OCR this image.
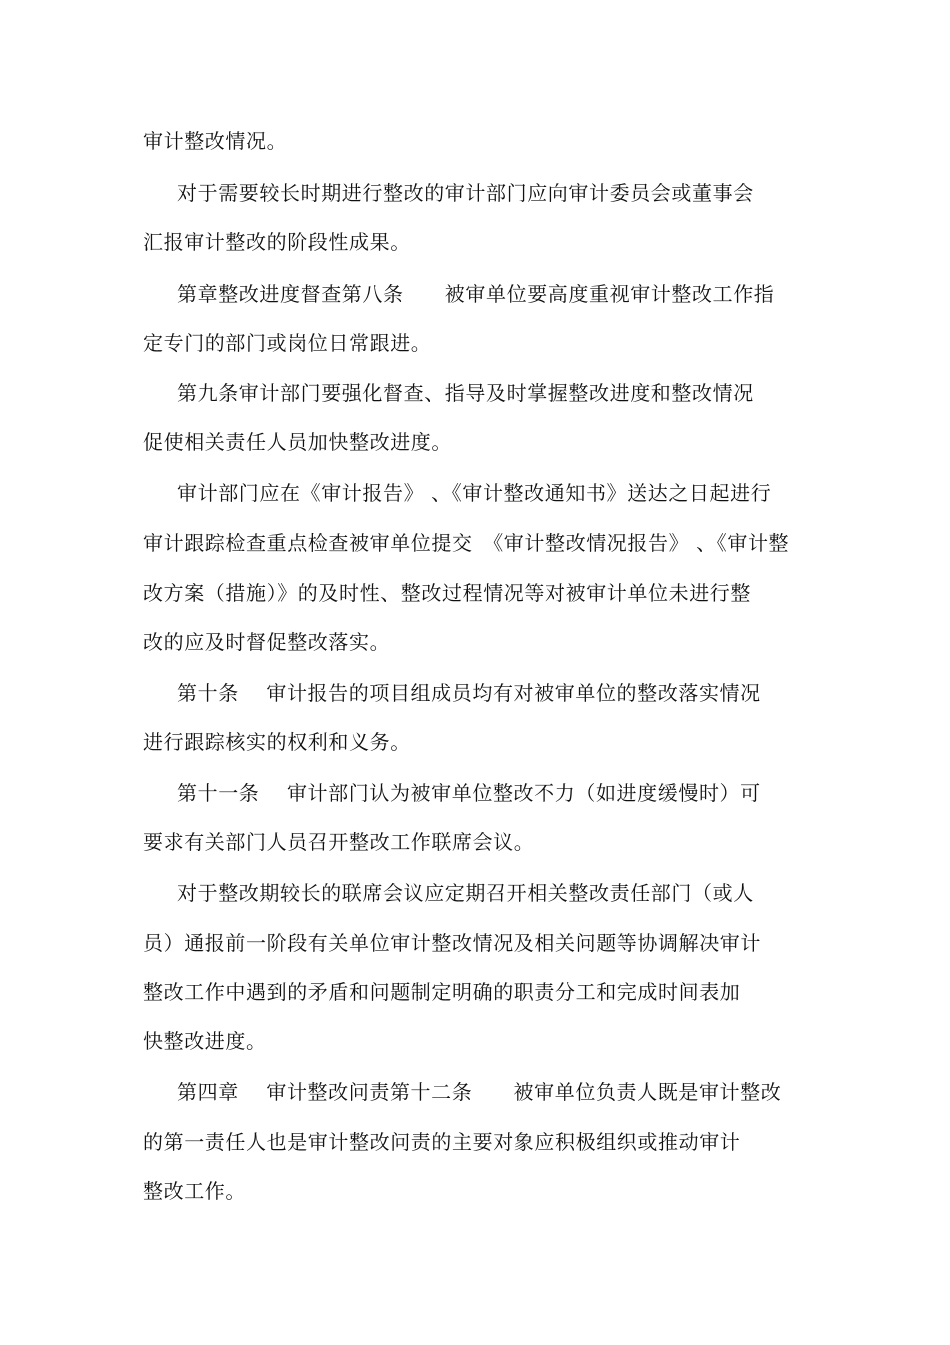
审计整改情况。

对于需要较长时期进行整改的审计部门应向审计委员会或董事会

汇报审计整改的阶段性成果。

第章整改进度督查第八条　　被审单位要高度重视审计整改工作指

定专门的部门或岗位日常跟进。

第九条审计部门要强化督查、指导及时掌握整改进度和整改情况

促使相关责任人员加快整改进度。

审计部门应在《审计报告》 、《审计整改通知书》送达之日起进行

审计跟踪检查重点检查被审单位提交　《审计整改情况报告》 、《审计整

改方案（措施）》的及时性、整改过程情况等对被审计单位未进行整

改的应及时督促整改落实。

第十条　 审计报告的项目组成员均有对被审单位的整改落实情况

进行跟踪核实的权利和义务。

第十一条　 审计部门认为被审单位整改不力（如进度缓慢时）可

要求有关部门人员召开整改工作联席会议。

对于整改期较长的联席会议应定期召开相关整改责任部门（或人

员）通报前一阶段有关单位审计整改情况及相关问题等协调解决审计

整改工作中遇到的矛盾和问题制定明确的职责分工和完成时间表加

快整改进度。

第四章　 审计整改问责第十二条　　被审单位负责人既是审计整改

的第一责任人也是审计整改问责的主要对象应积极组织或推动审计

整改工作。
